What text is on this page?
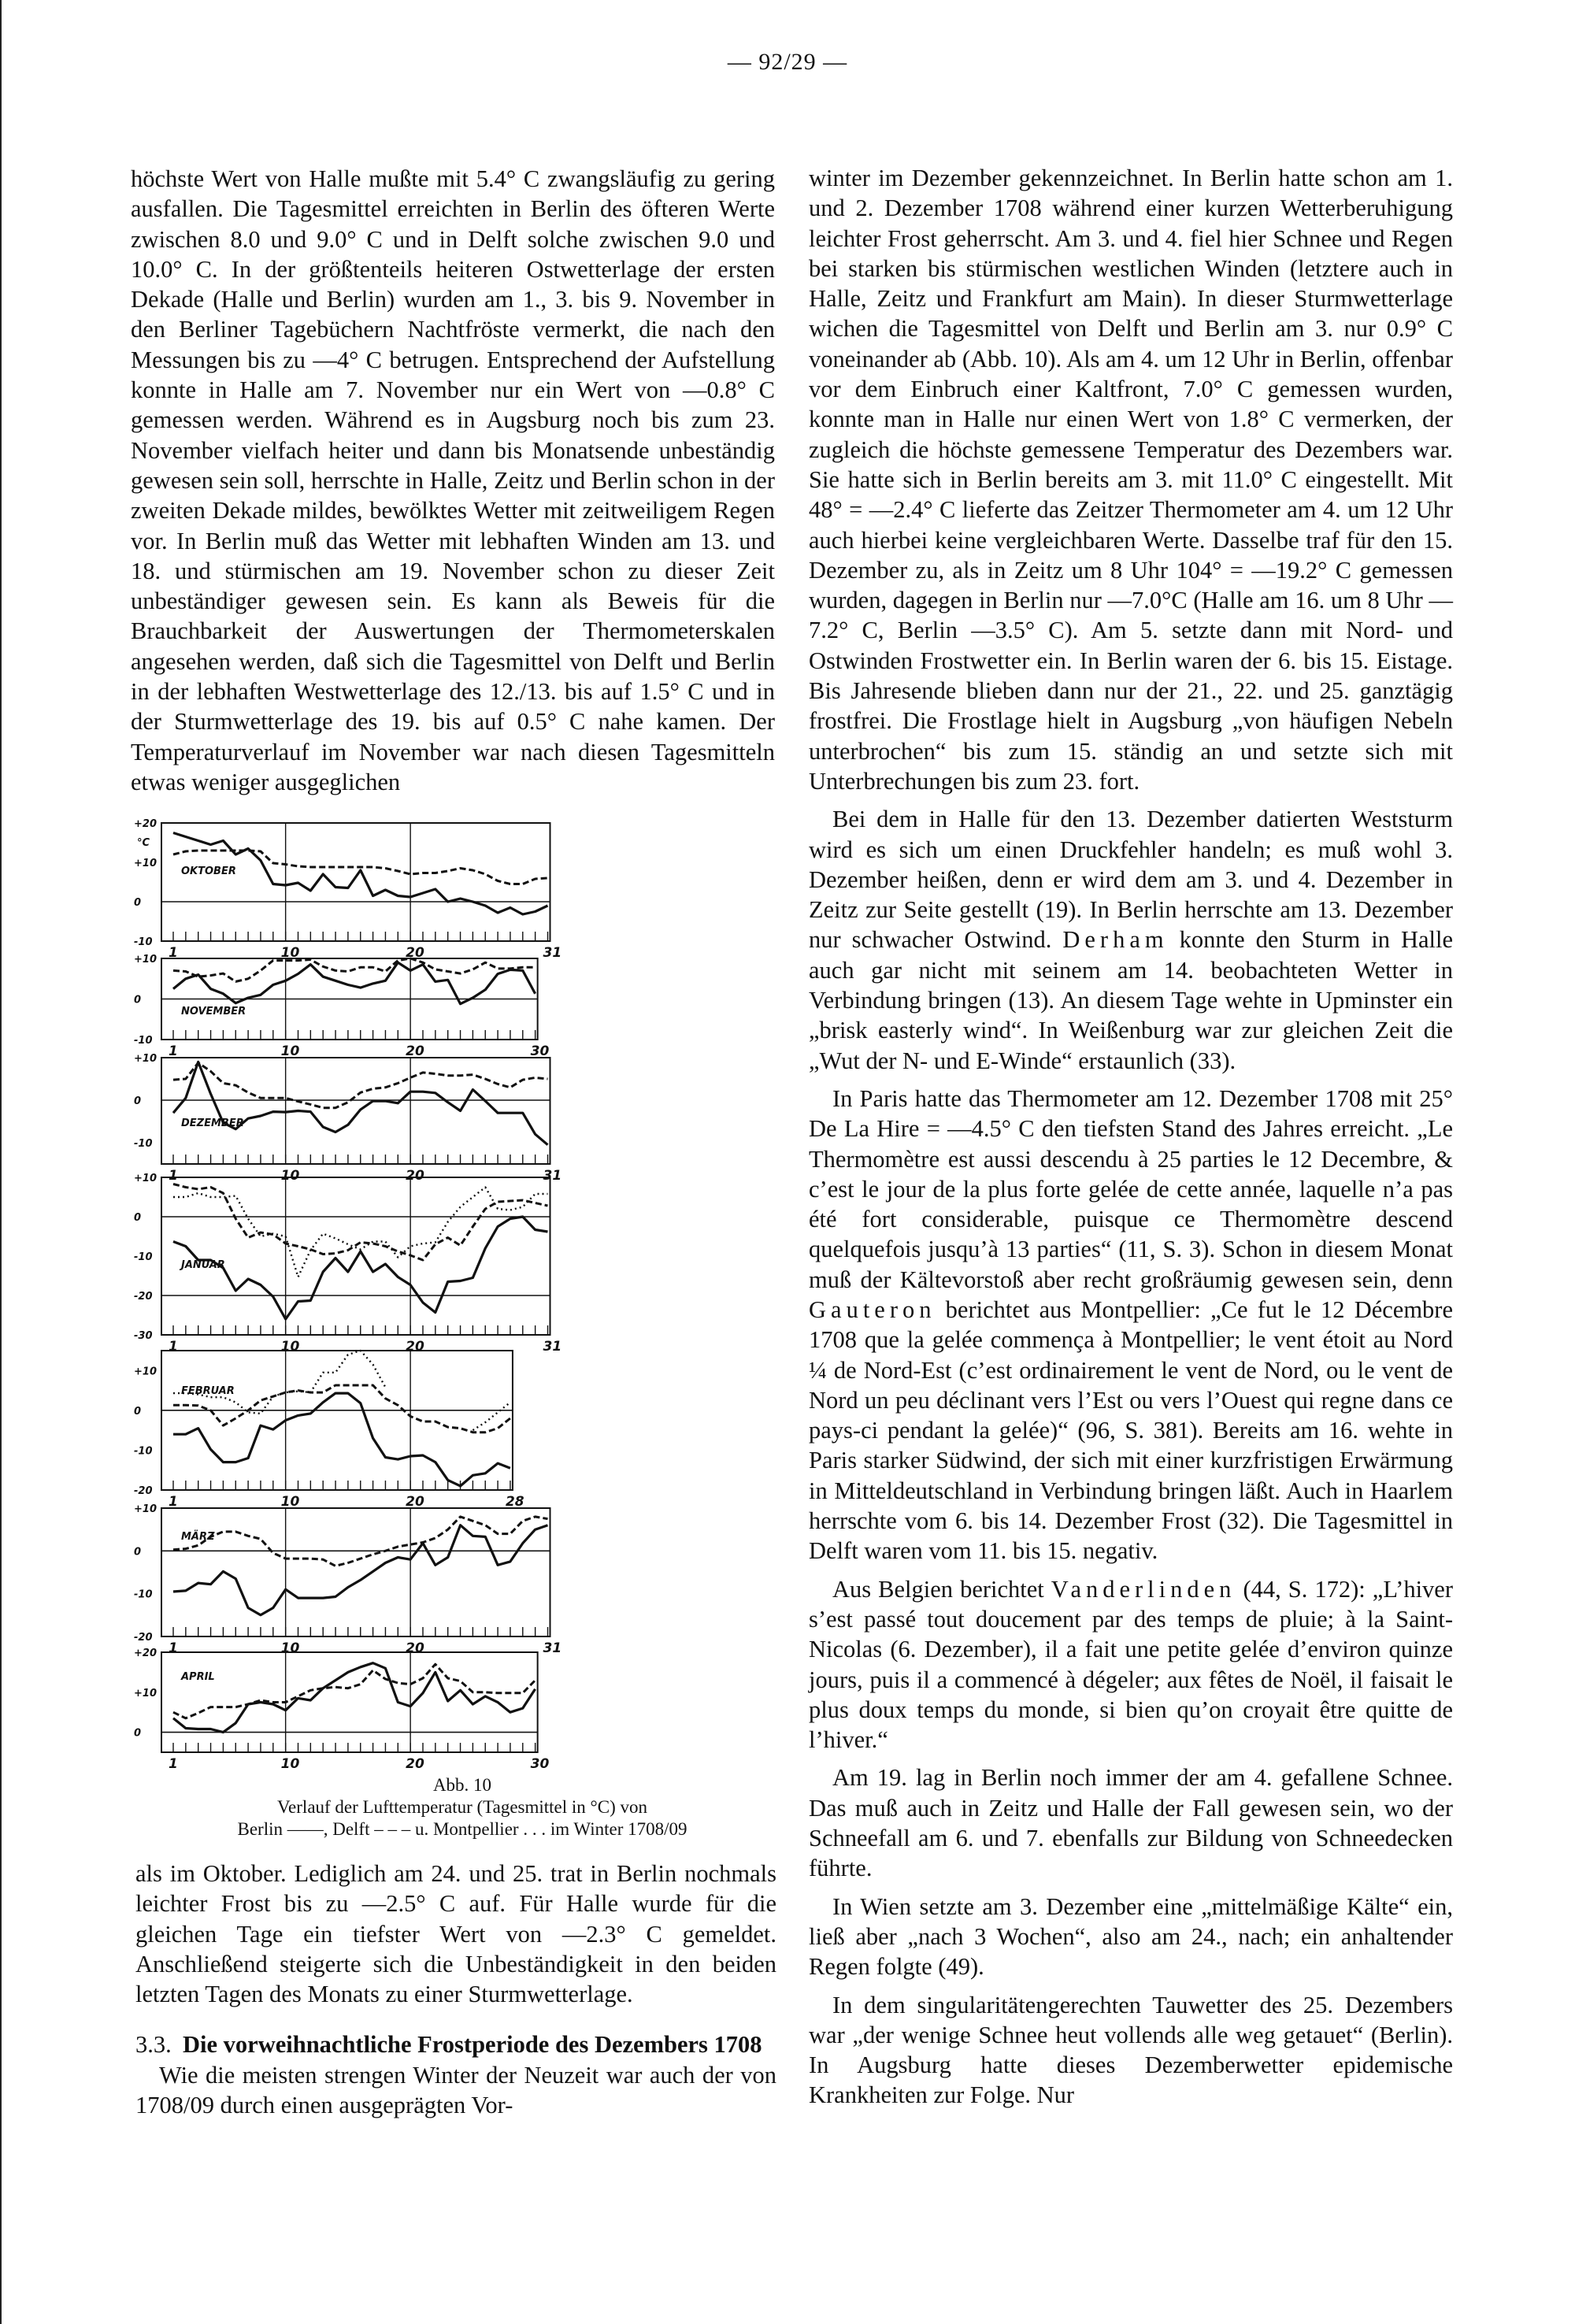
— 92/29 —

höchste Wert von Halle mußte mit 5.4° C zwangsläufig zu gering ausfallen. Die Tagesmittel erreichten in Berlin des öfteren Werte zwischen 8.0 und 9.0° C und in Delft solche zwischen 9.0 und 10.0° C. In der größtenteils heiteren Ostwetterlage der ersten Dekade (Halle und Berlin) wurden am 1., 3. bis 9. November in den Berliner Tagebüchern Nachtfröste vermerkt, die nach den Messungen bis zu —4° C betrugen. Entsprechend der Aufstellung konnte in Halle am 7. November nur ein Wert von —0.8° C gemessen werden. Während es in Augsburg noch bis zum 23. November vielfach heiter und dann bis Monatsende unbeständig gewesen sein soll, herrschte in Halle, Zeitz und Berlin schon in der zweiten Dekade mildes, bewölktes Wetter mit zeitweiligem Regen vor. In Berlin muß das Wetter mit lebhaften Winden am 13. und 18. und stürmischen am 19. November schon zu dieser Zeit unbeständiger gewesen sein. Es kann als Beweis für die Brauchbarkeit der Auswertungen der Thermometerskalen angesehen werden, daß sich die Tagesmittel von Delft und Berlin in der lebhaften Westwetterlage des 12./13. bis auf 1.5° C und in der Sturmwetterlage des 19. bis auf 0.5° C nahe kamen. Der Temperaturverlauf im November war nach diesen Tagesmitteln etwas weniger ausgeglichen

+20
+10
0
-10
°C
1	10	20	31
OKTOBER
+10
0
-10
1	10	20	30
NOVEMBER
+10
0
-10
1	10	20	31
DEZEMBER
+10
0
-10
-20
-30
1	10	20	31
JANUAR
+10
0
-10
-20
1	10	20	28
FEBRUAR
+10
0
-10
-20
1	10	20	31
MÄRZ
+20
+10
0
1	10	20	30
APRIL
Abb. 10
Verlauf der Lufttemperatur (Tagesmittel in °C) von
Berlin ——, Delft – – – u. Montpellier . . . im Winter 1708/09

als im Oktober. Lediglich am 24. und 25. trat in Berlin nochmals leichter Frost bis zu —2.5° C auf. Für Halle wurde für die gleichen Tage ein tiefster Wert von —2.3° C gemeldet. Anschließend steigerte sich die Unbeständigkeit in den beiden letzten Tagen des Monats zu einer Sturmwetterlage.

3.3. Die vorweihnachtliche Frostperiode des Dezembers 1708

Wie die meisten strengen Winter der Neuzeit war auch der von 1708/09 durch einen ausgeprägten Vor-

winter im Dezember gekennzeichnet. In Berlin hatte schon am 1. und 2. Dezember 1708 während einer kurzen Wetterberuhigung leichter Frost geherrscht. Am 3. und 4. fiel hier Schnee und Regen bei starken bis stürmischen westlichen Winden (letztere auch in Halle, Zeitz und Frankfurt am Main). In dieser Sturmwetterlage wichen die Tagesmittel von Delft und Berlin am 3. nur 0.9° C voneinander ab (Abb. 10). Als am 4. um 12 Uhr in Berlin, offenbar vor dem Einbruch einer Kaltfront, 7.0° C gemessen wurden, konnte man in Halle nur einen Wert von 1.8° C vermerken, der zugleich die höchste gemessene Temperatur des Dezembers war. Sie hatte sich in Berlin bereits am 3. mit 11.0° C eingestellt. Mit 48° = —2.4° C lieferte das Zeitzer Thermometer am 4. um 12 Uhr auch hierbei keine vergleichbaren Werte. Dasselbe traf für den 15. Dezember zu, als in Zeitz um 8 Uhr 104° = —19.2° C gemessen wurden, dagegen in Berlin nur —7.0°C (Halle am 16. um 8 Uhr —7.2° C, Berlin —3.5° C). Am 5. setzte dann mit Nord- und Ostwinden Frostwetter ein. In Berlin waren der 6. bis 15. Eistage. Bis Jahresende blieben dann nur der 21., 22. und 25. ganztägig frostfrei. Die Frostlage hielt in Augsburg „von häufigen Nebeln unterbrochen“ bis zum 15. ständig an und setzte sich mit Unterbrechungen bis zum 23. fort.

Bei dem in Halle für den 13. Dezember datierten Weststurm wird es sich um einen Druckfehler handeln; es muß wohl 3. Dezember heißen, denn er wird dem am 3. und 4. Dezember in Zeitz zur Seite gestellt (19). In Berlin herrschte am 13. Dezember nur schwacher Ostwind. Derham konnte den Sturm in Halle auch gar nicht mit seinem am 14. beobachteten Wetter in Verbindung bringen (13). An diesem Tage wehte in Upminster ein „brisk easterly wind“. In Weißenburg war zur gleichen Zeit die „Wut der N- und E-Winde“ erstaunlich (33).

In Paris hatte das Thermometer am 12. Dezember 1708 mit 25° De La Hire = —4.5° C den tiefsten Stand des Jahres erreicht. „Le Thermomètre est aussi descendu à 25 parties le 12 Decembre, & c’est le jour de la plus forte gelée de cette année, laquelle n’a pas été fort considerable, puisque ce Thermomètre descend quelquefois jusqu’à 13 parties“ (11, S. 3). Schon in diesem Monat muß der Kältevorstoß aber recht großräumig gewesen sein, denn Gauteron berichtet aus Montpellier: „Ce fut le 12 Décembre 1708 que la gelée commença à Montpellier; le vent étoit au Nord ¼ de Nord-Est (c’est ordinairement le vent de Nord, ou le vent de Nord un peu déclinant vers l’Est ou vers l’Ouest qui regne dans ce pays-ci pendant la gelée)“ (96, S. 381). Bereits am 16. wehte in Paris starker Südwind, der sich mit einer kurzfristigen Erwärmung in Mitteldeutschland in Verbindung bringen läßt. Auch in Haarlem herrschte vom 6. bis 14. Dezember Frost (32). Die Tagesmittel in Delft waren vom 11. bis 15. negativ.

Aus Belgien berichtet Vanderlinden (44, S. 172): „L’hiver s’est passé tout doucement par des temps de pluie; à la Saint-Nicolas (6. Dezember), il a fait une petite gelée d’environ quinze jours, puis il a commencé à dégeler; aux fêtes de Noël, il faisait le plus doux temps du monde, si bien qu’on croyait être quitte de l’hiver.“

Am 19. lag in Berlin noch immer der am 4. gefallene Schnee. Das muß auch in Zeitz und Halle der Fall gewesen sein, wo der Schneefall am 6. und 7. ebenfalls zur Bildung von Schneedecken führte.

In Wien setzte am 3. Dezember eine „mittelmäßige Kälte“ ein, ließ aber „nach 3 Wochen“, also am 24., nach; ein anhaltender Regen folgte (49).

In dem singularitätengerechten Tauwetter des 25. Dezembers war „der wenige Schnee heut vollends alle weg getauet“ (Berlin). In Augsburg hatte dieses Dezemberwetter epidemische Krankheiten zur Folge. Nur
